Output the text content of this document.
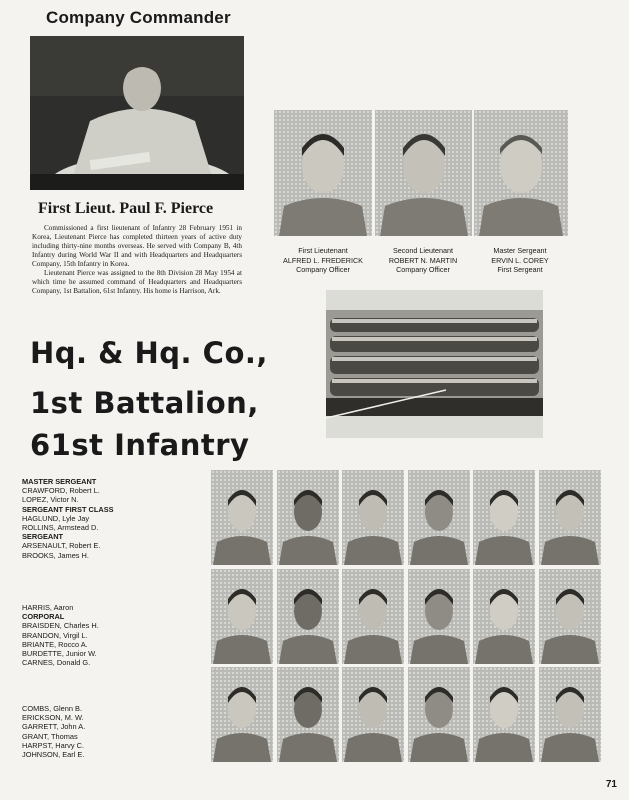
Company Commander
First Lieut. Paul F. Pierce
Commissioned a first lieutenant of Infantry 28 February 1951 in Korea, Lieutenant Pierce has completed thirteen years of active duty including thirty-nine months overseas. He served with Company B, 4th Infantry during World War II and with Headquarters and Headquarters Company, 15th Infantry in Korea.
Lieutenant Pierce was assigned to the 8th Division 28 May 1954 at which time he assumed command of Headquarters and Headquarters Company, 1st Battalion, 61st Infantry. His home is Harrison, Ark.
First Lieutenant
ALFRED L. FREDERICK
Company Officer
Second Lieutenant
ROBERT N. MARTIN
Company Officer
Master Sergeant
ERVIN L. COREY
First Sergeant
Hq. & Hq. Co.,
1st Battalion,
61st Infantry
MASTER SERGEANT
CRAWFORD, Robert L.
LOPEZ, Victor N.
SERGEANT FIRST CLASS
HAGLUND, Lyle Jay
ROLLINS, Armstead D.
SERGEANT
ARSENAULT, Robert E.
BROOKS, James H.
HARRIS, Aaron
CORPORAL
BRAISDEN, Charles H.
BRANDON, Virgil L.
BRIANTE, Rocco A.
BURDETTE, Junior W.
CARNES, Donald G.
COMBS, Glenn B.
ERICKSON, M. W.
GARRETT, John A.
GRANT, Thomas
HARPST, Harvy C.
JOHNSON, Earl E.
71
